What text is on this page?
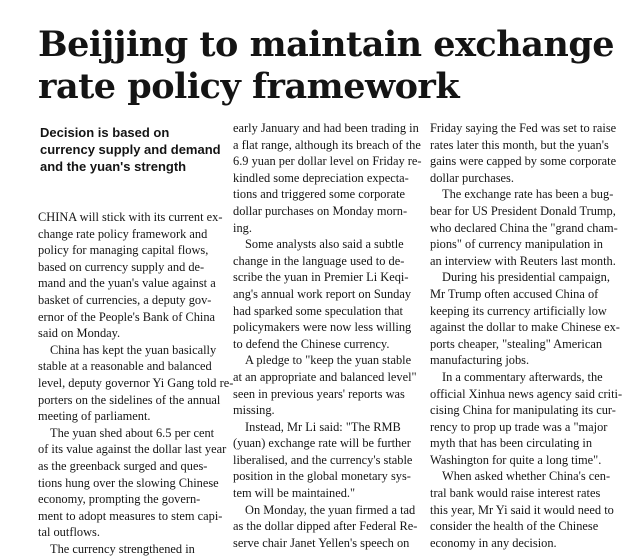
Beijjing to maintain exchange
rate policy framework
Decision is based on
currency supply and demand
and the yuan's strength
CHINA will stick with its current ex-
change rate policy framework and
policy for managing capital flows,
based on currency supply and de-
mand and the yuan's value against a
basket of currencies, a deputy gov-
ernor of the People's Bank of China
said on Monday.
China has kept the yuan basically
stable at a reasonable and balanced
level, deputy governor Yi Gang told re-
porters on the sidelines of the annual
meeting of parliament.
The yuan shed about 6.5 per cent
of its value against the dollar last year
as the greenback surged and ques-
tions hung over the slowing Chinese
economy, prompting the govern-
ment to adopt measures to stem capi-
tal outflows.
The currency strengthened in
early January and had been trading in
a flat range, although its breach of the
6.9 yuan per dollar level on Friday re-
kindled some depreciation expecta-
tions and triggered some corporate
dollar purchases on Monday morn-
ing.
Some analysts also said a subtle
change in the language used to de-
scribe the yuan in Premier Li Keqi-
ang's annual work report on Sunday
had sparked some speculation that
policymakers were now less willing
to defend the Chinese currency.
A pledge to "keep the yuan stable
at an appropriate and balanced level"
seen in previous years' reports was
missing.
Instead, Mr Li said: "The RMB
(yuan) exchange rate will be further
liberalised, and the currency's stable
position in the global monetary sys-
tem will be maintained."
On Monday, the yuan firmed a tad
as the dollar dipped after Federal Re-
serve chair Janet Yellen's speech on
Friday saying the Fed was set to raise
rates later this month, but the yuan's
gains were capped by some corporate
dollar purchases.
The exchange rate has been a bug-
bear for US President Donald Trump,
who declared China the "grand cham-
pions" of currency manipulation in
an interview with Reuters last month.
During his presidential campaign,
Mr Trump often accused China of
keeping its currency artificially low
against the dollar to make Chinese ex-
ports cheaper, "stealing" American
manufacturing jobs.
In a commentary afterwards, the
official Xinhua news agency said criti-
cising China for manipulating its cur-
rency to prop up trade was a "major
myth that has been circulating in
Washington for quite a long time".
When asked whether China's cen-
tral bank would raise interest rates
this year, Mr Yi said it would need to
consider the health of the Chinese
economy in any decision.
